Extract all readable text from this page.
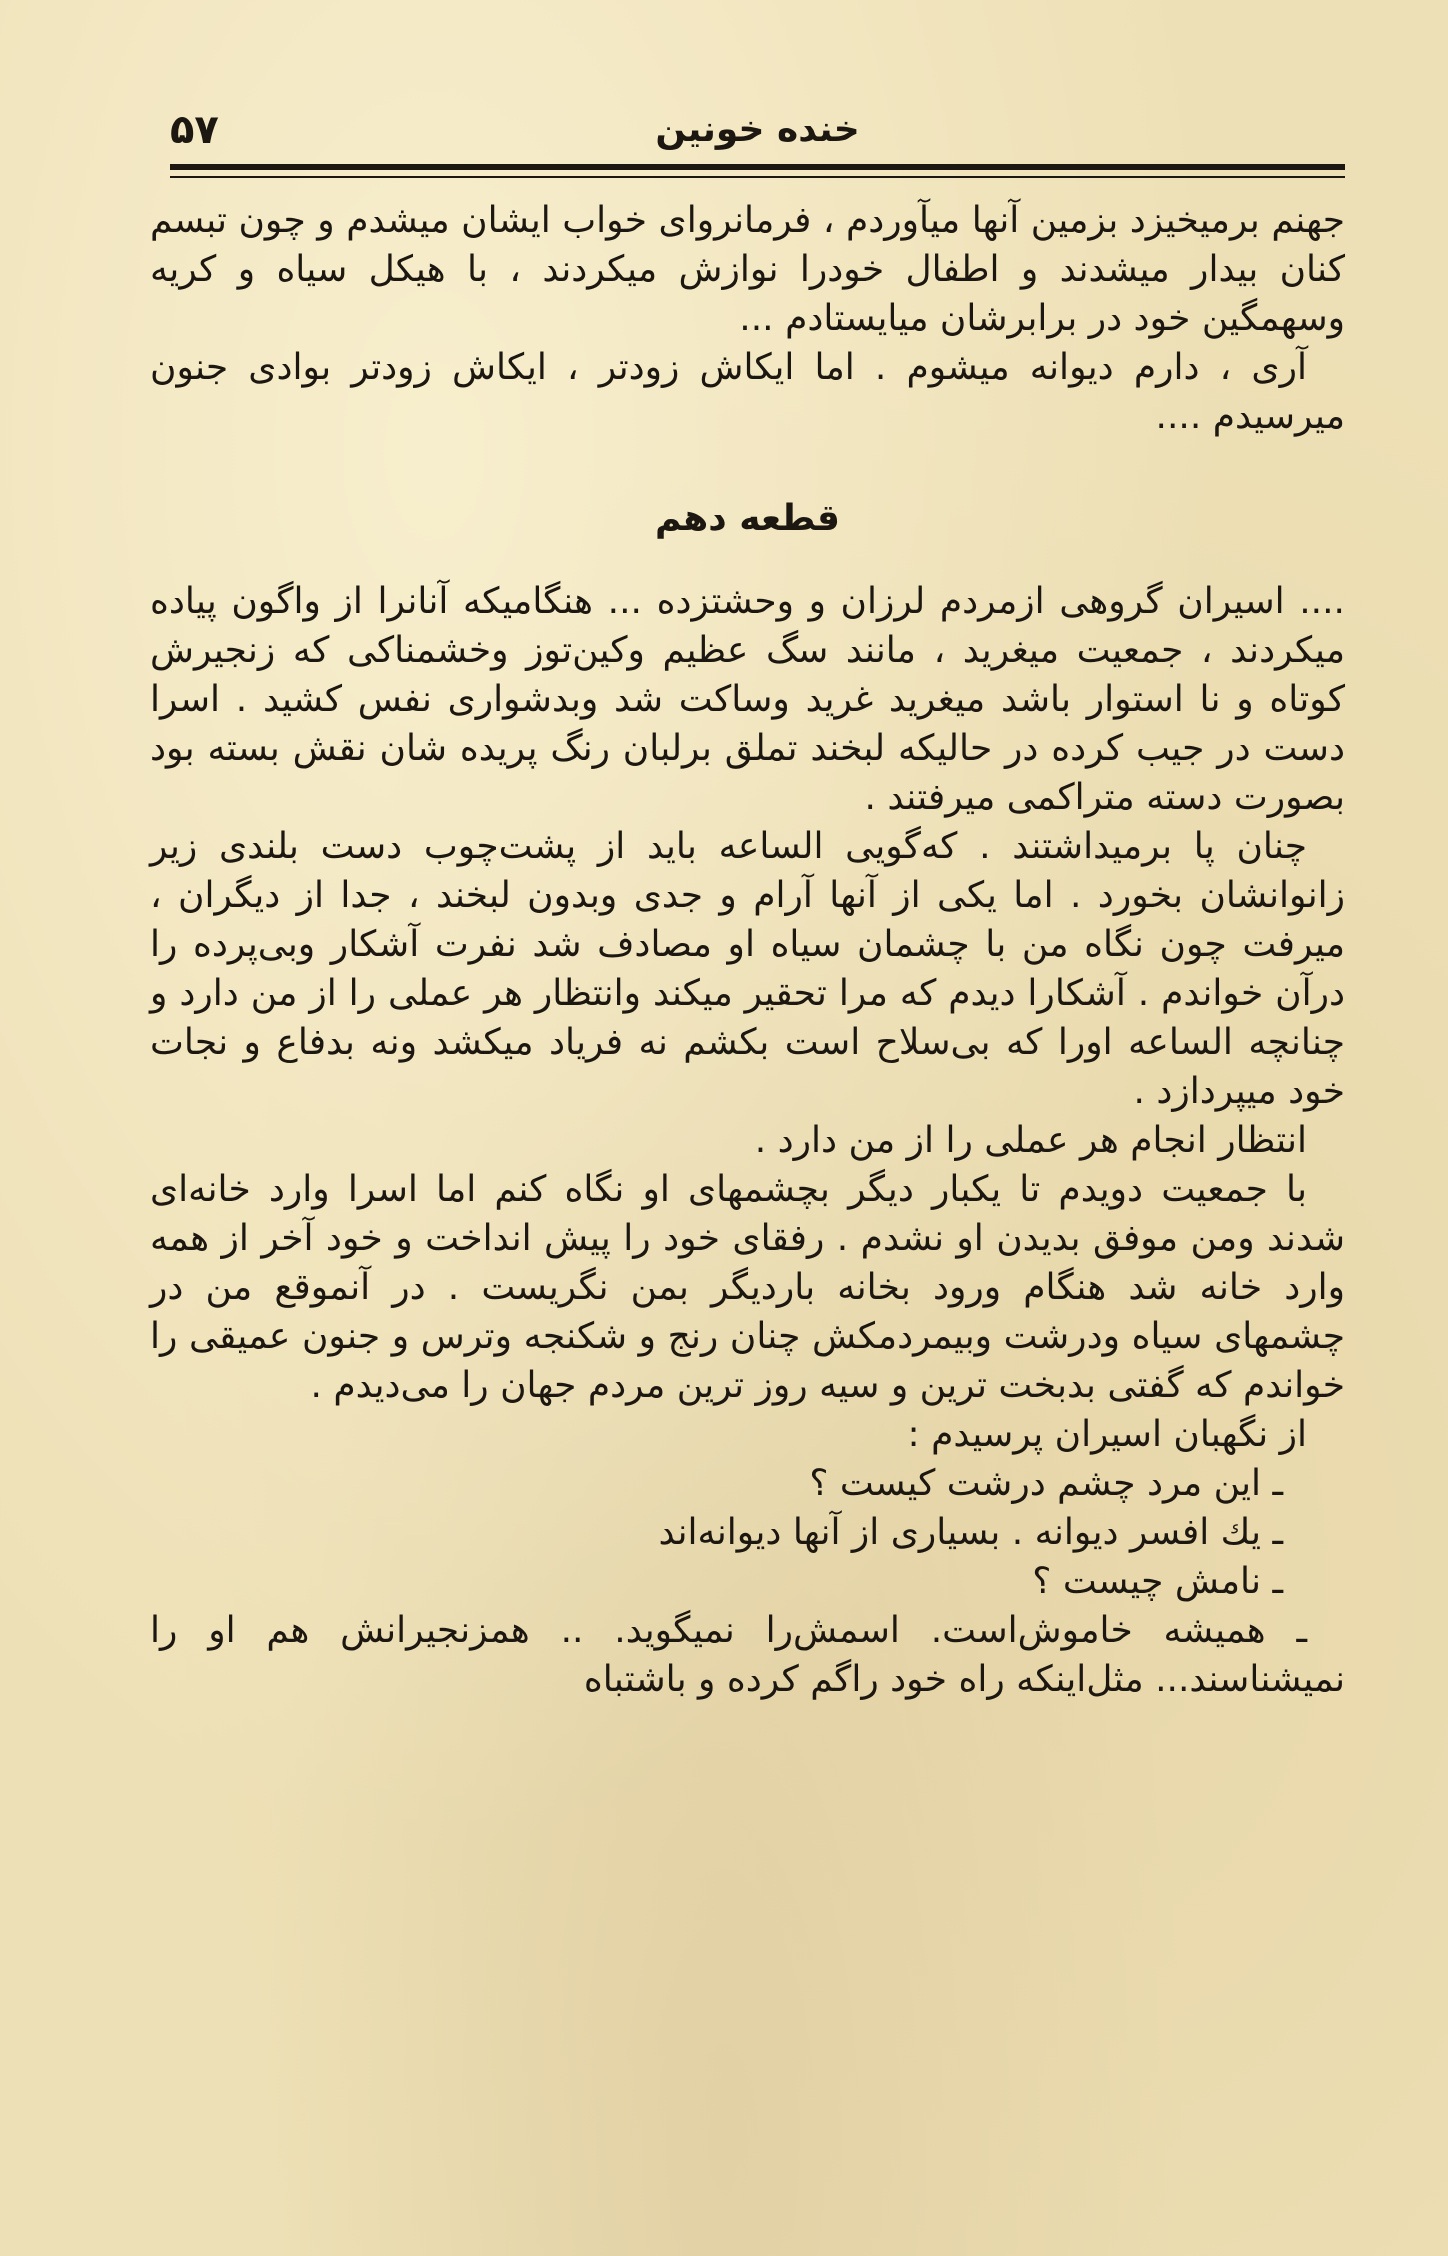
۵۷	خنده خونین

جهنم برمیخیزد بزمین آنها میآوردم ، فرمانروای خواب ایشان میشدم و چون تبسم کنان بیدار میشدند و اطفال خودرا نوازش میکردند ، با هیکل سیاه و کریه وسهمگین خود در برابرشان میایستادم ...

آری ، دارم دیوانه میشوم . اما ایکاش زودتر ، ایکاش زودتر بوادی جنون میرسیدم ....

قطعه دهم

.... اسیران گروهی ازمردم لرزان و وحشتزده ... هنگامیکه آنانرا از واگون پیاده میکردند ، جمعیت میغرید ، مانند سگ عظیم وکین‌توز وخشمناکی که زنجیرش کوتاه و نا استوار باشد میغرید غرید وساکت شد وبدشواری نفس کشید . اسرا دست در جیب کرده در حالیکه لبخند تملق برلبان رنگ پریده شان نقش بسته بود بصورت دسته متراکمی میرفتند .

چنان پا برمیداشتند . که‌گویی الساعه باید از پشت‌چوب دست بلندی زیر زانوانشان بخورد . اما یکی از آنها آرام و جدی وبدون لبخند ، جدا از دیگران ، میرفت چون نگاه من با چشمان سیاه او مصادف شد نفرت آشکار وبی‌پرده را درآن خواندم . آشکارا دیدم که مرا تحقیر میکند وانتظار هر عملی را از من دارد و چنانچه الساعه اورا که بی‌سلاح است بکشم نه فریاد میکشد ونه بدفاع و نجات خود میپردازد .

انتظار انجام هر عملی را از من دارد .

با جمعیت دویدم تا یکبار دیگر بچشمهای او نگاه کنم اما اسرا وارد خانه‌ای شدند ومن موفق بدیدن او نشدم . رفقای خود را پیش انداخت و خود آخر از همه وارد خانه شد هنگام ورود بخانه باردیگر بمن نگریست . در آنموقع من در چشمهای سیاه ودرشت وبیمردمکش چنان رنج و شکنجه وترس و جنون عمیقی را خواندم که گفتی بدبخت ترین و سیه روز ترین مردم جهان را می‌دیدم .

از نگهبان اسیران پرسیدم :

ـ این مرد چشم درشت کیست ؟

ـ يك افسر دیوانه . بسیاری از آنها دیوانه‌اند

ـ نامش چیست ؟

ـ همیشه خاموش‌است. اسمش‌را نمیگوید. .. همزنجیرانش هم او را نمیشناسند... مثل‌اینکه راه خود راگم کرده و باشتباه
